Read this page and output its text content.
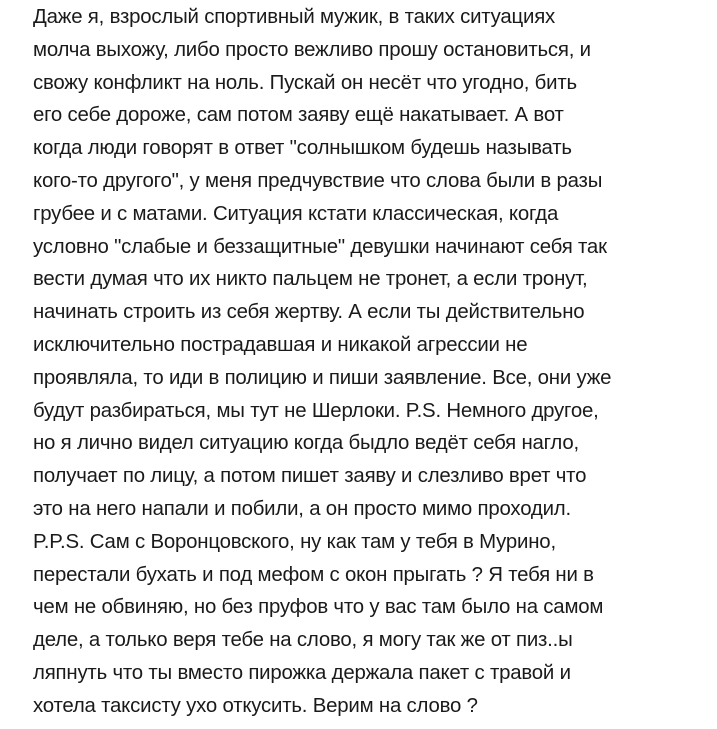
Даже я, взрослый спортивный мужик, в таких ситуациях
молча выхожу, либо просто вежливо прошу остановиться, и
свожу конфликт на ноль. Пускай он несёт что угодно, бить
его себе дороже, сам потом заяву ещё накатывает. А вот
когда люди говорят в ответ "солнышком будешь называть
кого-то другого", у меня предчувствие что слова были в разы
грубее и с матами. Ситуация кстати классическая, когда
условно "слабые и беззащитные" девушки начинают себя так
вести думая что их никто пальцем не тронет, а если тронут,
начинать строить из себя жертву. А если ты действительно
исключительно пострадавшая и никакой агрессии не
проявляла, то иди в полицию и пиши заявление. Все, они уже
будут разбираться, мы тут не Шерлоки. P.S. Немного другое,
но я лично видел ситуацию когда быдло ведёт себя нагло,
получает по лицу, а потом пишет заяву и слезливо врет что
это на него напали и побили, а он просто мимо проходил.
P.P.S. Сам с Воронцовского, ну как там у тебя в Мурино,
перестали бухать и под мефом с окон прыгать ? Я тебя ни в
чем не обвиняю, но без пруфов что у вас там было на самом
деле, а только веря тебе на слово, я могу так же от пиз..ы
ляпнуть что ты вместо пирожка держала пакет с травой и
хотела таксисту ухо откусить. Верим на слово ?
